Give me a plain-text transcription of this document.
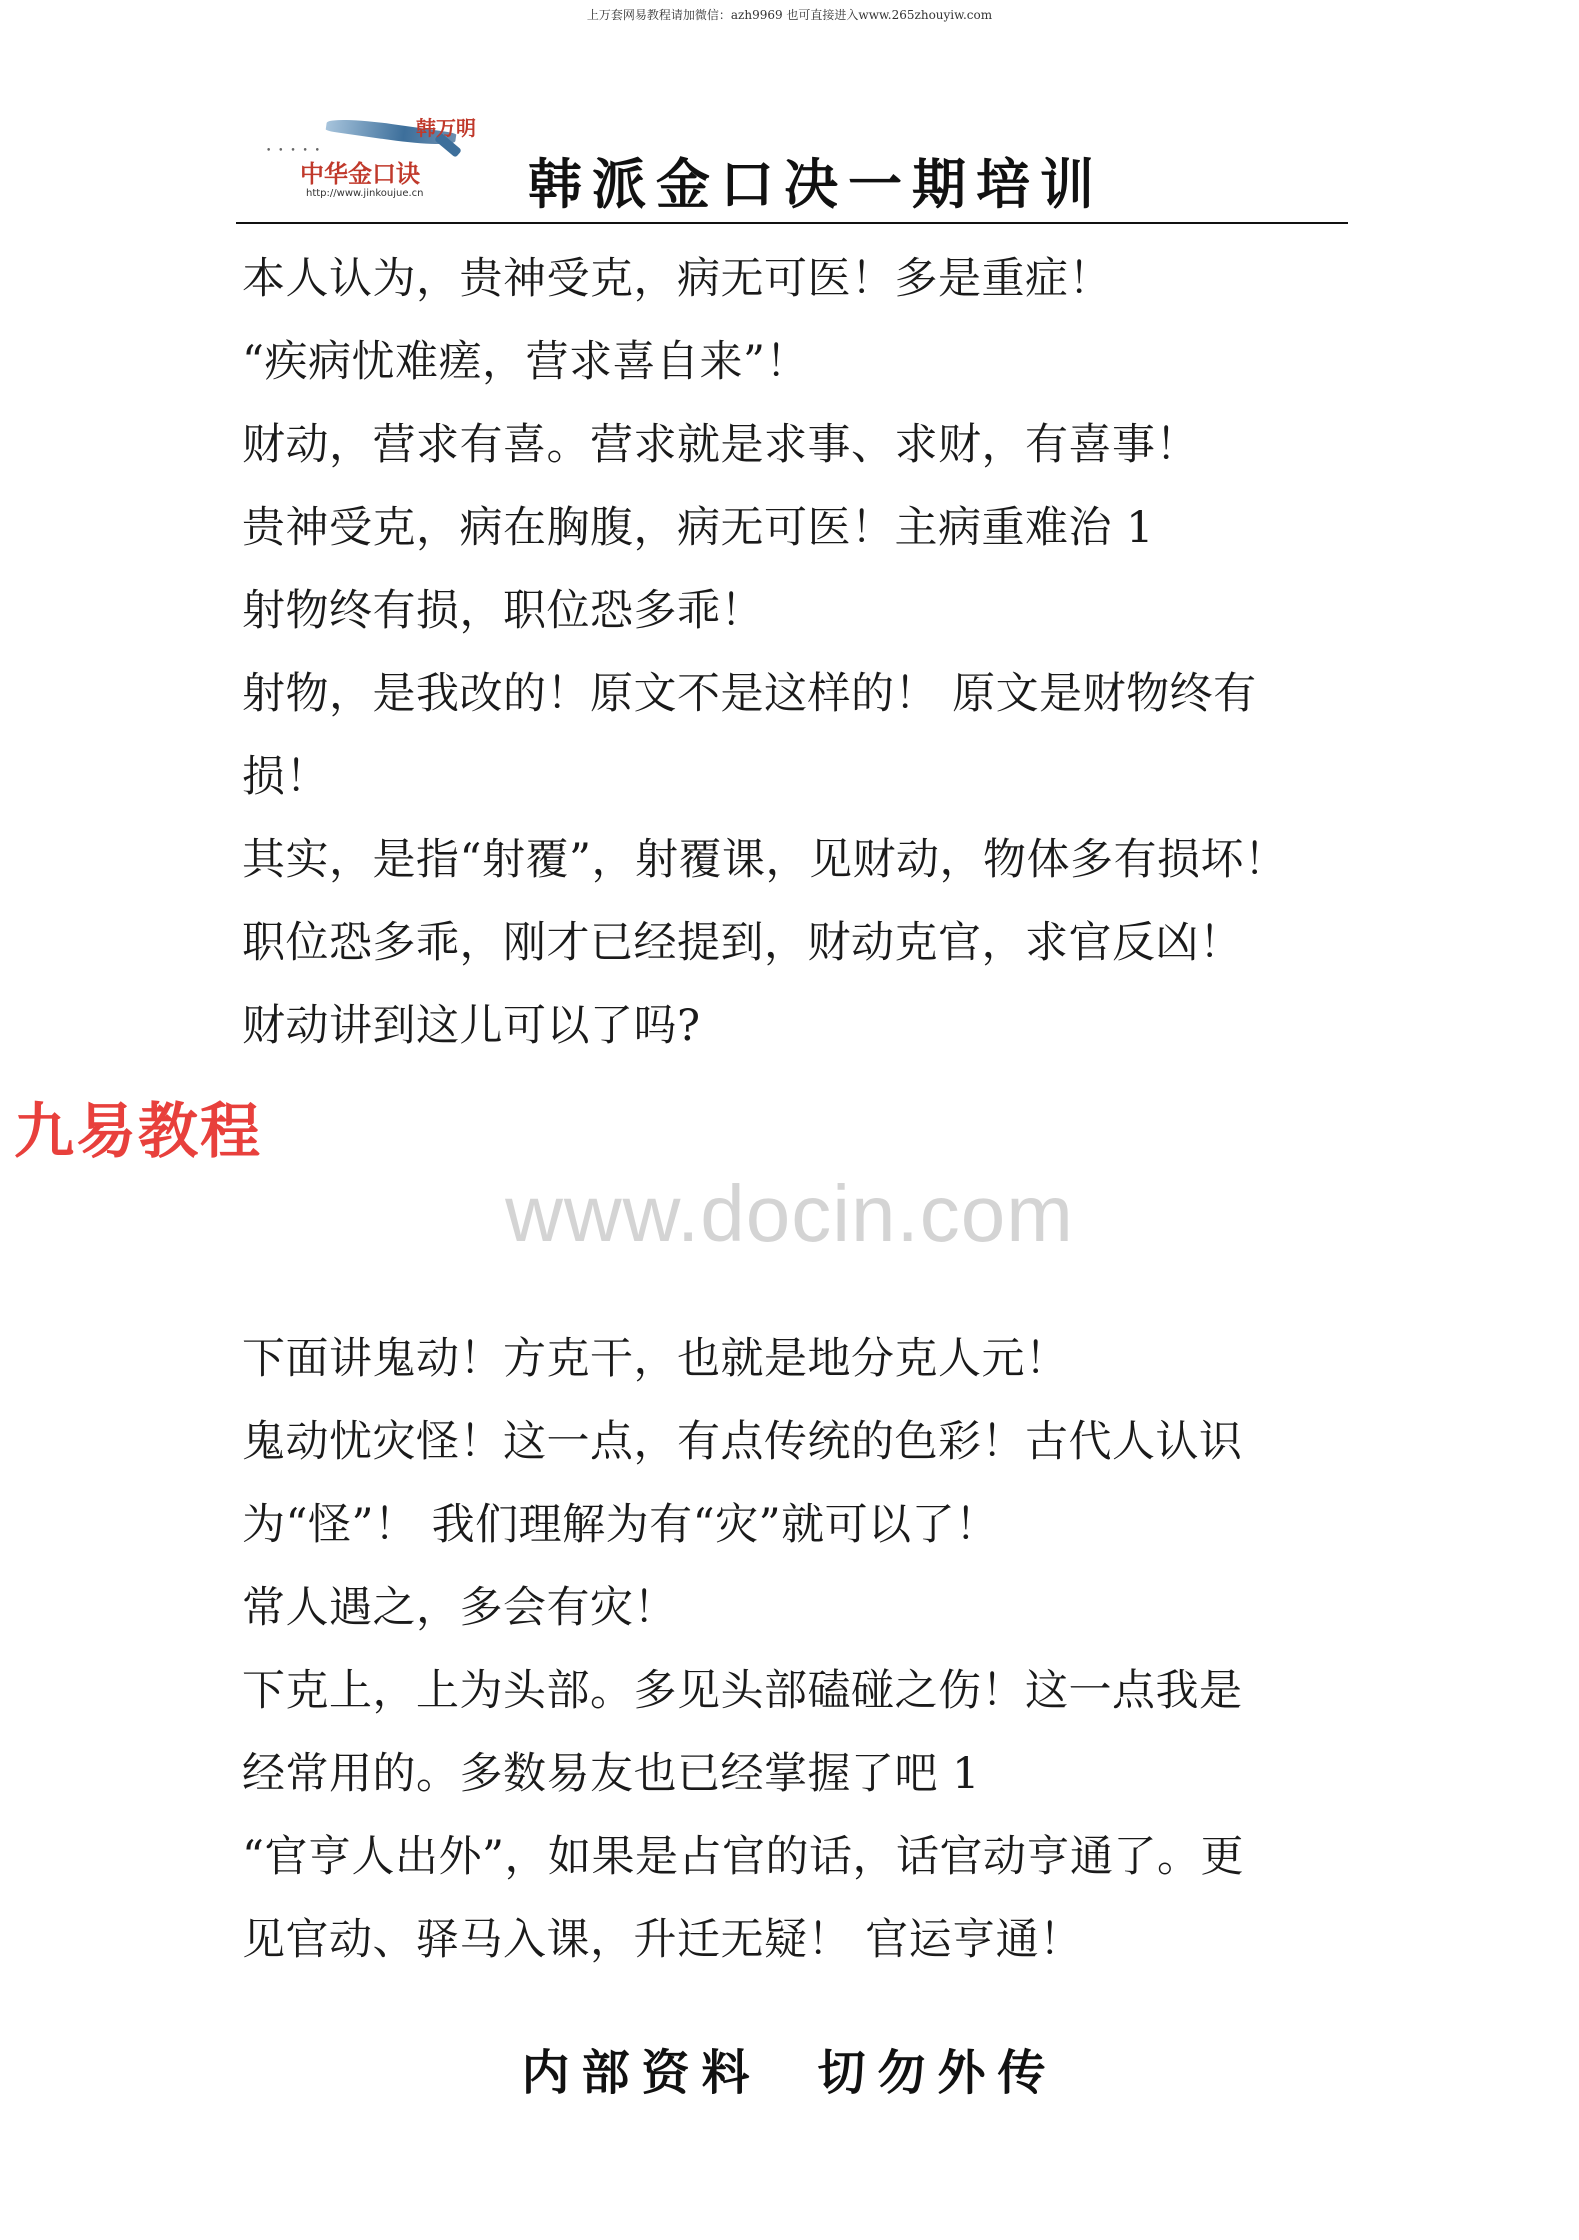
上万套网易教程请加微信：azh9969 也可直接进入www.265zhouyiw.com
• • • • •
韩万明
中华金口诀
http://www.jinkoujue.cn 韩派金口决一期培训
本人认为，贵神受克，病无可医！多是重症！
“疾病忧难瘥，营求喜自来”！
财动，营求有喜。营求就是求事、求财，有喜事！
贵神受克，病在胸腹，病无可医！主病重难治 1
射物终有损，职位恐多乖！
射物，是我改的！原文不是这样的！ 原文是财物终有
损！
其实，是指“射覆”，射覆课，见财动，物体多有损坏！
职位恐多乖，刚才已经提到，财动克官，求官反凶！
财动讲到这儿可以了吗?
九易教程
www.docin.com
下面讲鬼动！方克干，也就是地分克人元！
鬼动忧灾怪！这一点，有点传统的色彩！古代人认识
为“怪”！ 我们理解为有“灾”就可以了！
常人遇之，多会有灾！
下克上，上为头部。多见头部磕碰之伤！这一点我是
经常用的。多数易友也已经掌握了吧 1
“官亨人出外”，如果是占官的话，话官动亨通了。更
见官动、驿马入课，升迁无疑！ 官运亨通！
内部资料 切勿外传
